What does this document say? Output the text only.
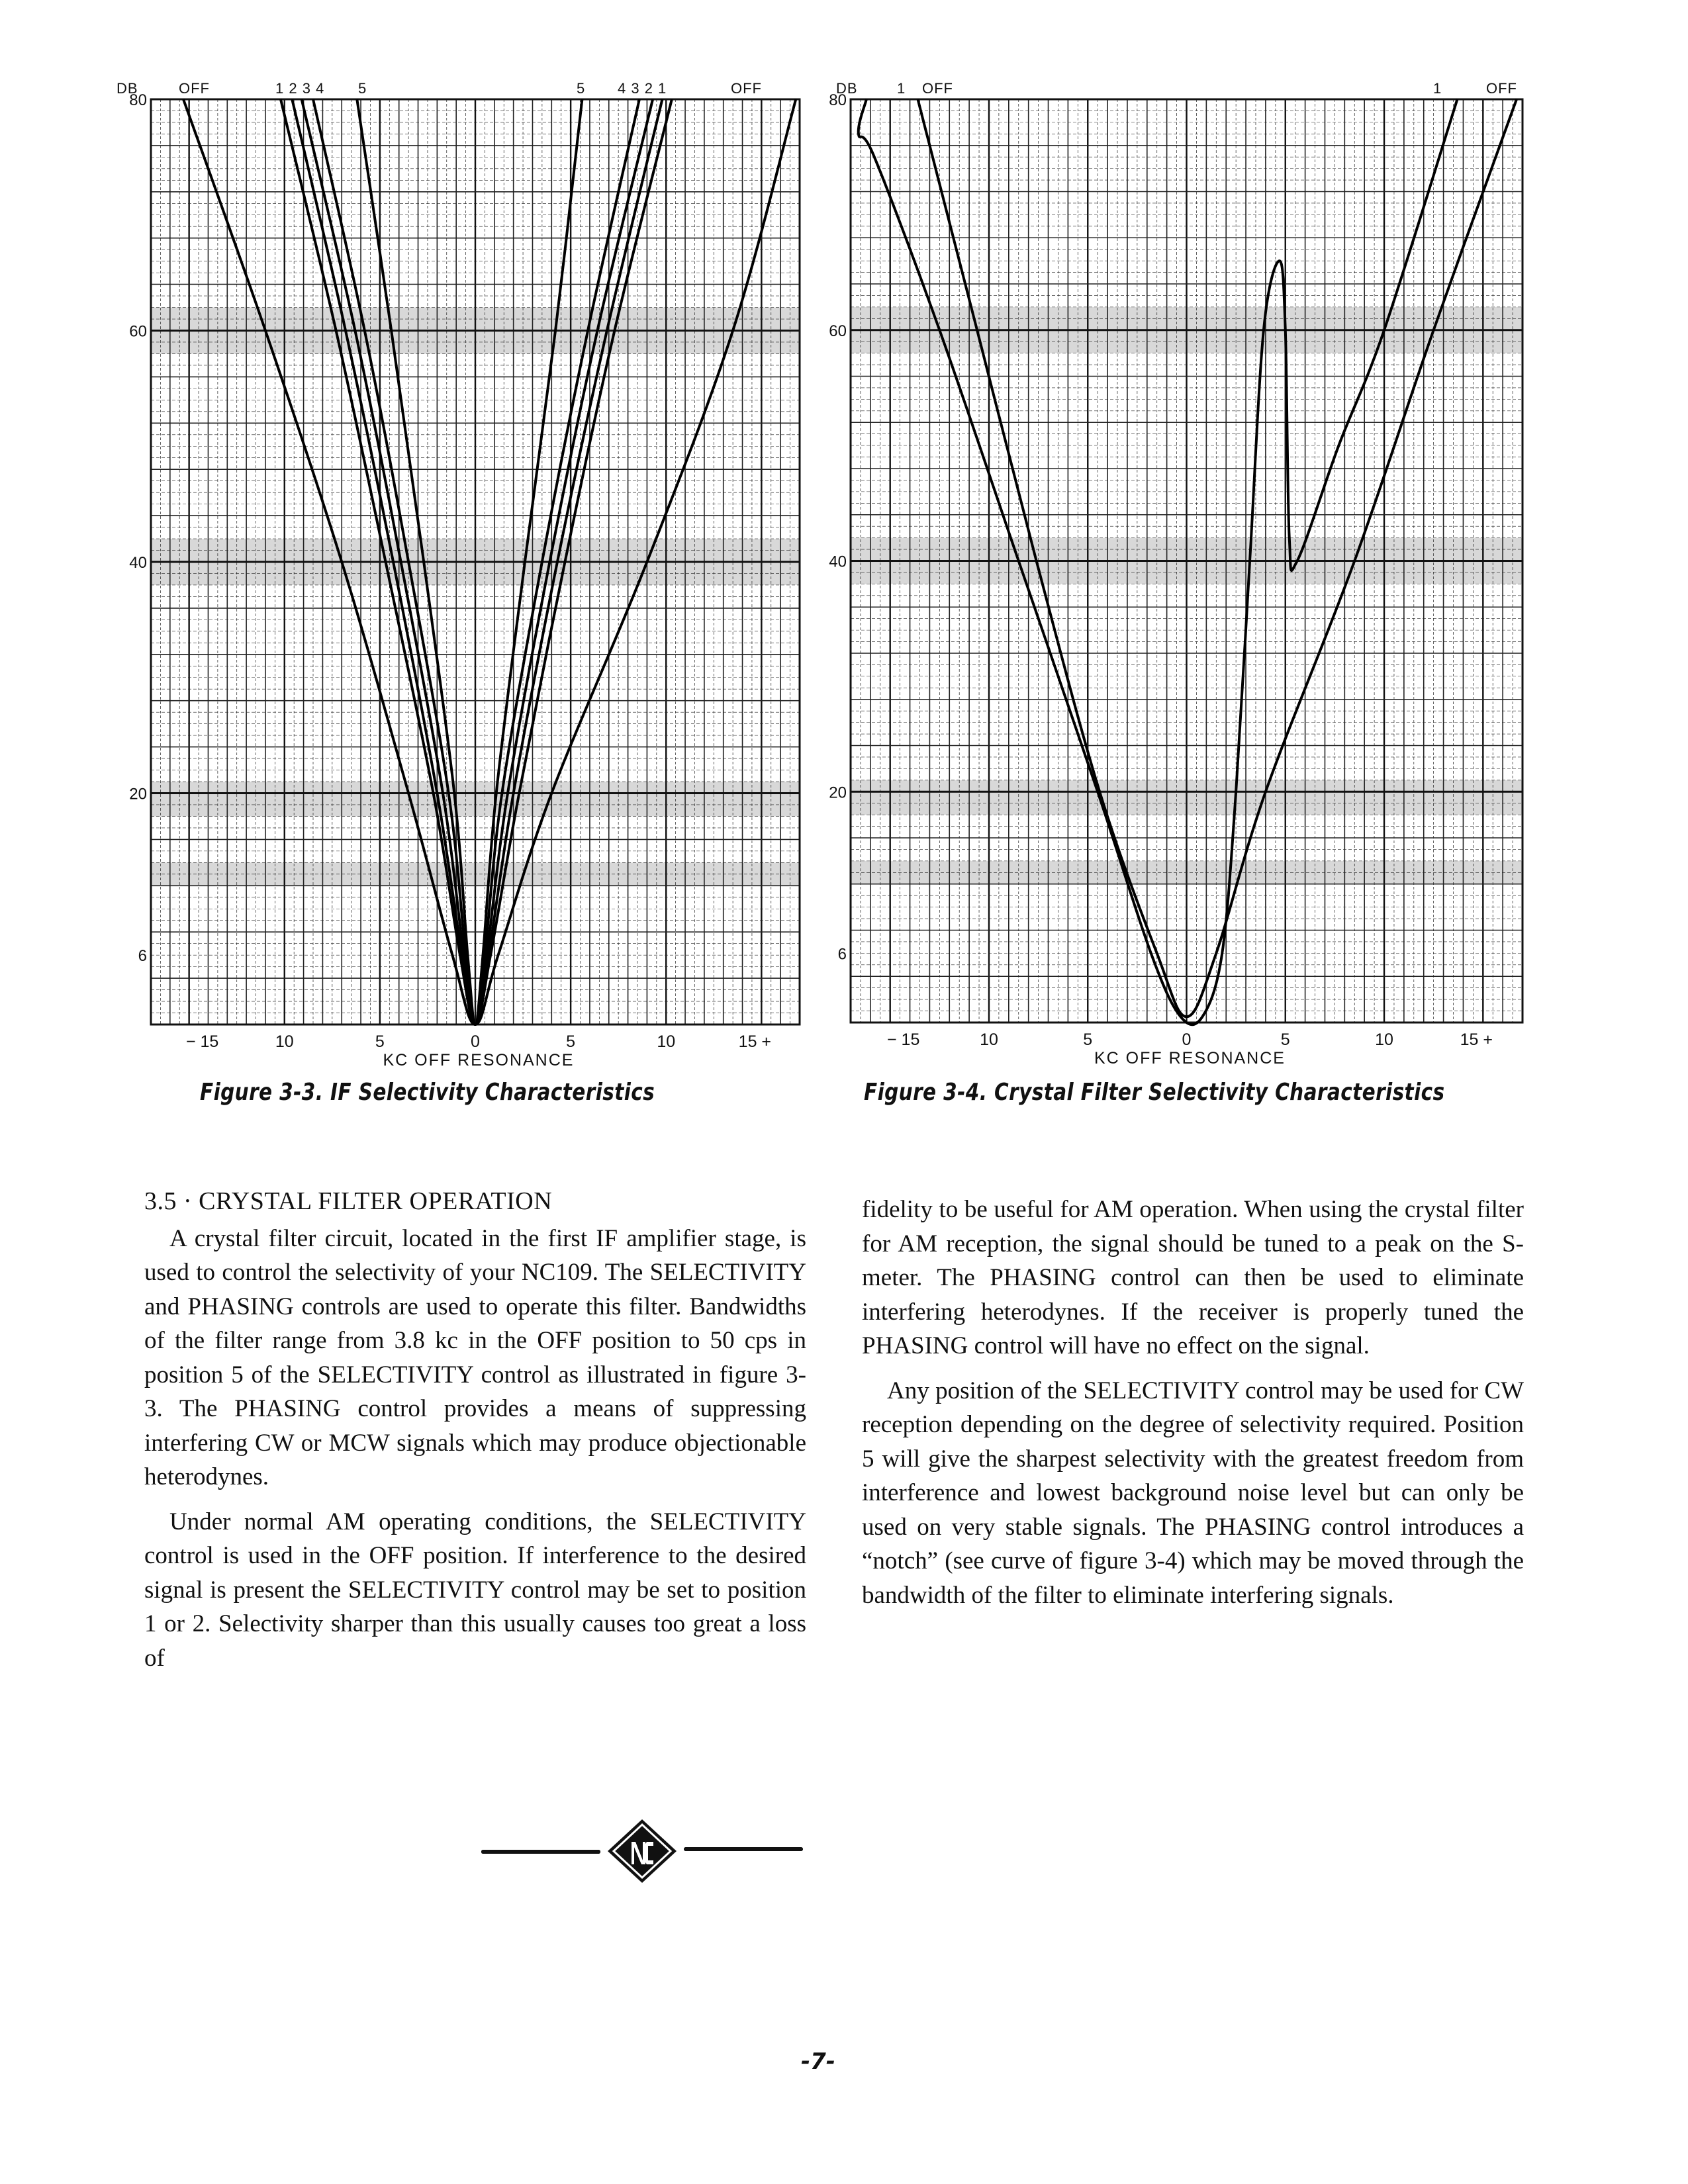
80
60
40
20
6
− 15	10	5	0	5	10	15 +
KC OFF RESONANCE
DB	OFF	1 2 3 4 5	5 4 3 2 1	OFF
Figure 3-3. IF Selectivity Characteristics
80
60
40
20
6
− 15	10	5	0	5	10	15 +
KC OFF RESONANCE
DB	1 OFF	1	OFF
Figure 3-4. Crystal Filter Selectivity Characteristics
3.5 · CRYSTAL FILTER OPERATION

A crystal filter circuit, located in the first IF amplifier stage, is used to control the selectivity of your NC109. The SELECTIVITY and PHASING controls are used to operate this filter. Bandwidths of the filter range from 3.8 kc in the OFF position to 50 cps in position 5 of the SELECTIVITY control as illustrated in figure 3-3. The PHASING control provides a means of suppressing interfering CW or MCW signals which may produce objectionable heterodynes.

Under normal AM operating conditions, the SELECTIVITY control is used in the OFF position. If interference to the desired signal is present the SELECTIVITY control may be set to position 1 or 2. Selectivity sharper than this usually causes too great a loss of

fidelity to be useful for AM operation. When using the crystal filter for AM reception, the signal should be tuned to a peak on the S-meter. The PHASING control can then be used to eliminate interfering heterodynes. If the receiver is properly tuned the PHASING control will have no effect on the signal.

Any position of the SELECTIVITY control may be used for CW reception depending on the degree of selectivity required. Position 5 will give the sharpest selectivity with the greatest freedom from interference and lowest background noise level but can only be used on very stable signals. The PHASING control introduces a “notch” (see curve of figure 3-4) which may be moved through the bandwidth of the filter to eliminate interfering signals.

-7-
